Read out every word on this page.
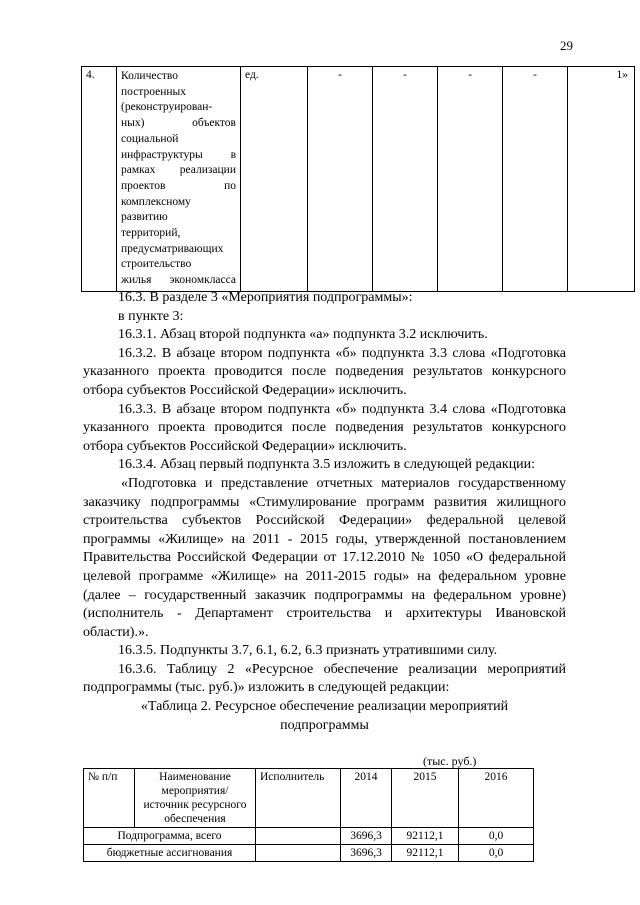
29
4.	Количество
построенных
(реконструирован-
ных)         объектов
социальной
инфраструктуры    в
рамках   реализации
проектов          по
комплексному
развитию
территорий,
предусматривающих
строительство
жилья экономкласса
	ед.	-	-	-	-	1»
16.3. В разделе 3 «Мероприятия подпрограммы»:
в пункте 3:
16.3.1. Абзац второй подпункта «а» подпункта 3.2 исключить.
16.3.2. В абзаце втором подпункта «б» подпункта 3.3 слова «Подготовка указанного проекта проводится после подведения результатов конкурсного отбора субъектов Российской Федерации» исключить.
16.3.3. В абзаце втором подпункта «б» подпункта 3.4 слова «Подготовка указанного проекта проводится после подведения результатов конкурсного отбора субъектов Российской Федерации» исключить.
16.3.4. Абзац первый подпункта 3.5 изложить в следующей редакции:
«Подготовка и представление отчетных материалов государственному заказчику подпрограммы «Стимулирование программ развития жилищного строительства субъектов Российской Федерации» федеральной целевой программы «Жилище» на 2011 - 2015 годы, утвержденной постановлением Правительства Российской Федерации от 17.12.2010 № 1050 «О федеральной целевой программе «Жилище» на 2011-2015 годы» на федеральном уровне (далее – государственный заказчик подпрограммы на федеральном уровне) (исполнитель - Департамент строительства и архитектуры Ивановской области).».
16.3.5. Подпункты 3.7, 6.1, 6.2, 6.3 признать утратившими силу.
16.3.6. Таблицу 2 «Ресурсное обеспечение реализации мероприятий подпрограммы (тыс. руб.)» изложить в следующей редакции:
«Таблица 2. Ресурсное обеспечение реализации мероприятий
подпрограммы
(тыс. руб.)
№ п/п	Наименование мероприятия/источник ресурсного обеспечения	Исполнитель	2014	2015	2016
Подпрограмма, всего			3696,3	92112,1	0,0
бюджетные ассигнования			3696,3	92112,1	0,0
